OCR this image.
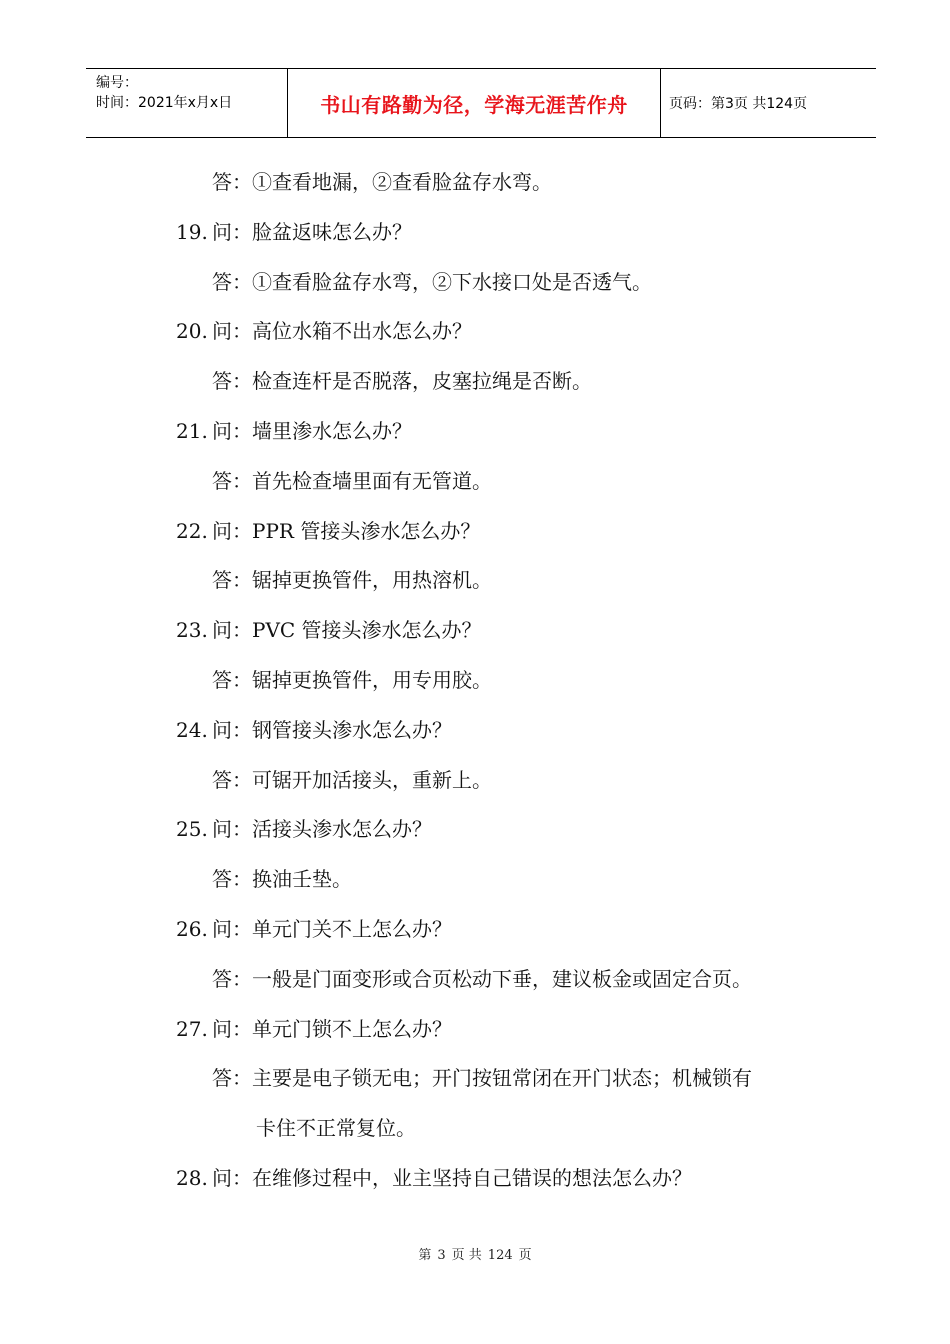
编号：
时间：2021年x月x日	书山有路勤为径，学海无涯苦作舟	页码：第3页 共124页
答：①查看地漏，②查看脸盆存水弯。
19. 问：脸盆返味怎么办？
答：①查看脸盆存水弯，②下水接口处是否透气。
20. 问：高位水箱不出水怎么办？
答：检查连杆是否脱落，皮塞拉绳是否断。
21. 问：墙里渗水怎么办？
答：首先检查墙里面有无管道。
22. 问：PPR 管接头渗水怎么办？
答：锯掉更换管件，用热溶机。
23. 问：PVC 管接头渗水怎么办？
答：锯掉更换管件，用专用胶。
24. 问：钢管接头渗水怎么办？
答：可锯开加活接头，重新上。
25. 问：活接头渗水怎么办？
答：换油壬垫。
26. 问：单元门关不上怎么办？
答：一般是门面变形或合页松动下垂，建议板金或固定合页。
27. 问：单元门锁不上怎么办？
答：主要是电子锁无电；开门按钮常闭在开门状态；机械锁有
卡住不正常复位。
28. 问：在维修过程中，业主坚持自己错误的想法怎么办？
第 3 页 共 124 页
